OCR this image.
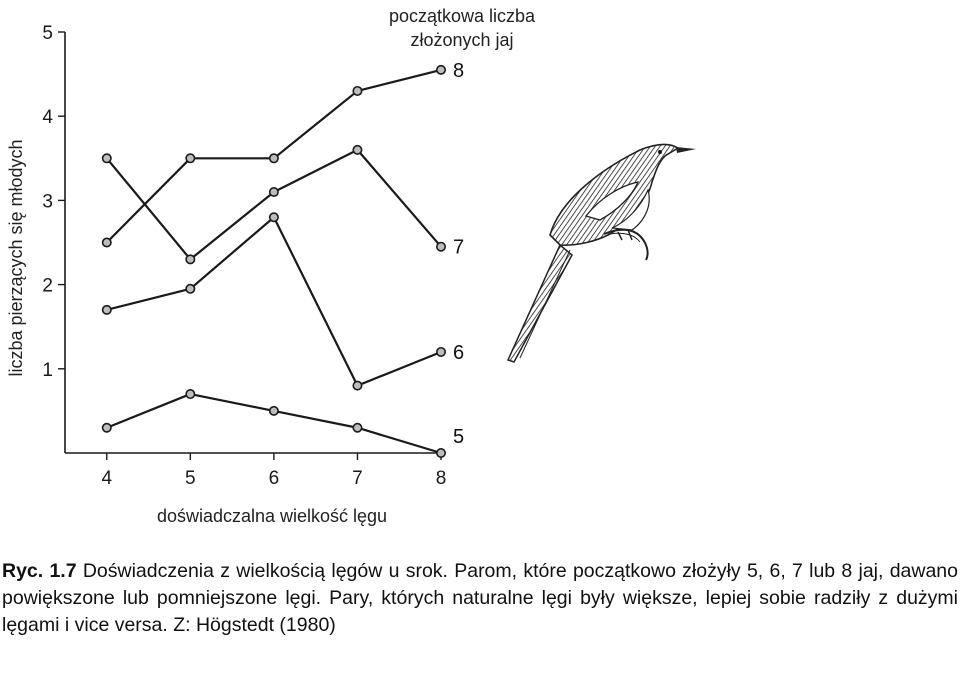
4	5	6	7	8
1
2
3
4
5
8
7
6
5
liczba pierzących się młodych
doświadczalna wielkość lęgu
początkowa liczba
złożonych jaj
Ryc. 1.7 Doświadczenia z wielkością lęgów u srok. Parom, które początkowo złożyły 5, 6, 7 lub 8 jaj, dawano powiększone lub pomniejszone lęgi. Pary, których naturalne lęgi były większe, lepiej sobie radziły z dużymi lęgami i vice versa. Z: Högstedt (1980)
